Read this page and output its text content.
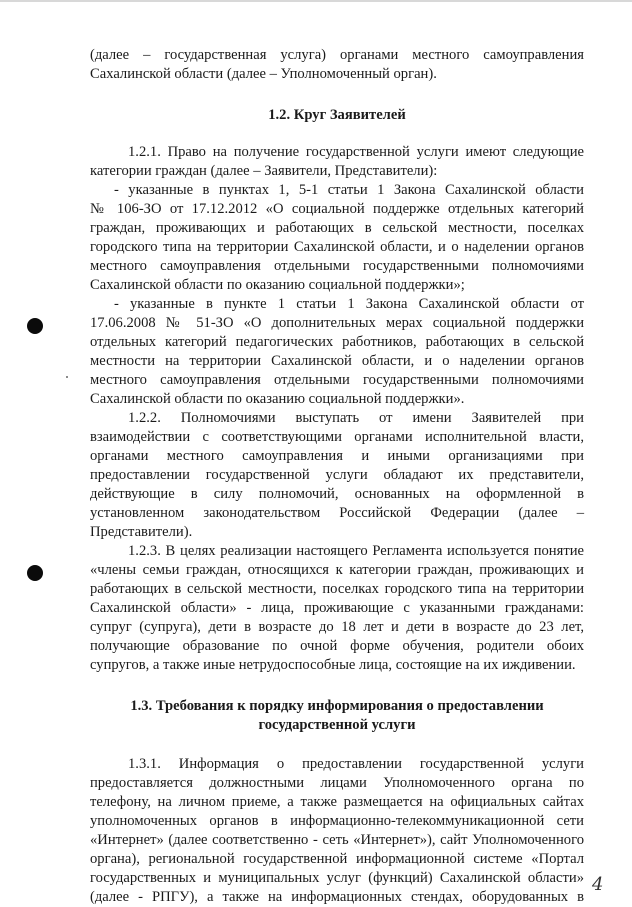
(далее – государственная услуга) органами местного самоуправления
Сахалинской области (далее – Уполномоченный орган).
1.2. Круг Заявителей
1.2.1. Право на получение государственной услуги имеют следующие
категории граждан (далее – Заявители, Представители):
- указанные в пунктах 1, 5-1 статьи 1 Закона Сахалинской области
№ 106-ЗО от 17.12.2012 «О социальной поддержке отдельных категорий
граждан, проживающих и работающих в сельской местности, поселках
городского типа на территории Сахалинской области, и о наделении органов
местного самоуправления отдельными государственными полномочиями
Сахалинской области по оказанию социальной поддержки»;
- указанные в пункте 1 статьи 1 Закона Сахалинской области от
17.06.2008 № 51-ЗО «О дополнительных мерах социальной поддержки
отдельных категорий педагогических работников, работающих в сельской
местности на территории Сахалинской области, и о наделении органов
местного самоуправления отдельными государственными полномочиями
Сахалинской области по оказанию социальной поддержки».
1.2.2. Полномочиями выступать от имени Заявителей при
взаимодействии с соответствующими органами исполнительной власти,
органами местного самоуправления и иными организациями при
предоставлении государственной услуги обладают их представители,
действующие в силу полномочий, основанных на оформленной в
установленном законодательством Российской Федерации (далее –
Представители).
1.2.3. В целях реализации настоящего Регламента используется понятие
«члены семьи граждан, относящихся к категории граждан, проживающих и
работающих в сельской местности, поселках городского типа на территории
Сахалинской области» - лица, проживающие с указанными гражданами:
супруг (супруга), дети в возрасте до 18 лет и дети в возрасте до 23 лет,
получающие образование по очной форме обучения, родители обоих
супругов, а также иные нетрудоспособные лица, состоящие на их иждивении.
1.3. Требования к порядку информирования о предоставлении
государственной услуги
1.3.1. Информация о предоставлении государственной услуги
предоставляется должностными лицами Уполномоченного органа по
телефону, на личном приеме, а также размещается на официальных сайтах
уполномоченных органов в информационно-телекоммуникационной сети
«Интернет» (далее соответственно - сеть «Интернет»), сайт Уполномоченного
органа), региональной государственной информационной системе «Портал
государственных и муниципальных услуг (функций) Сахалинской области»
(далее - РПГУ), а также на информационных стендах, оборудованных в
4
